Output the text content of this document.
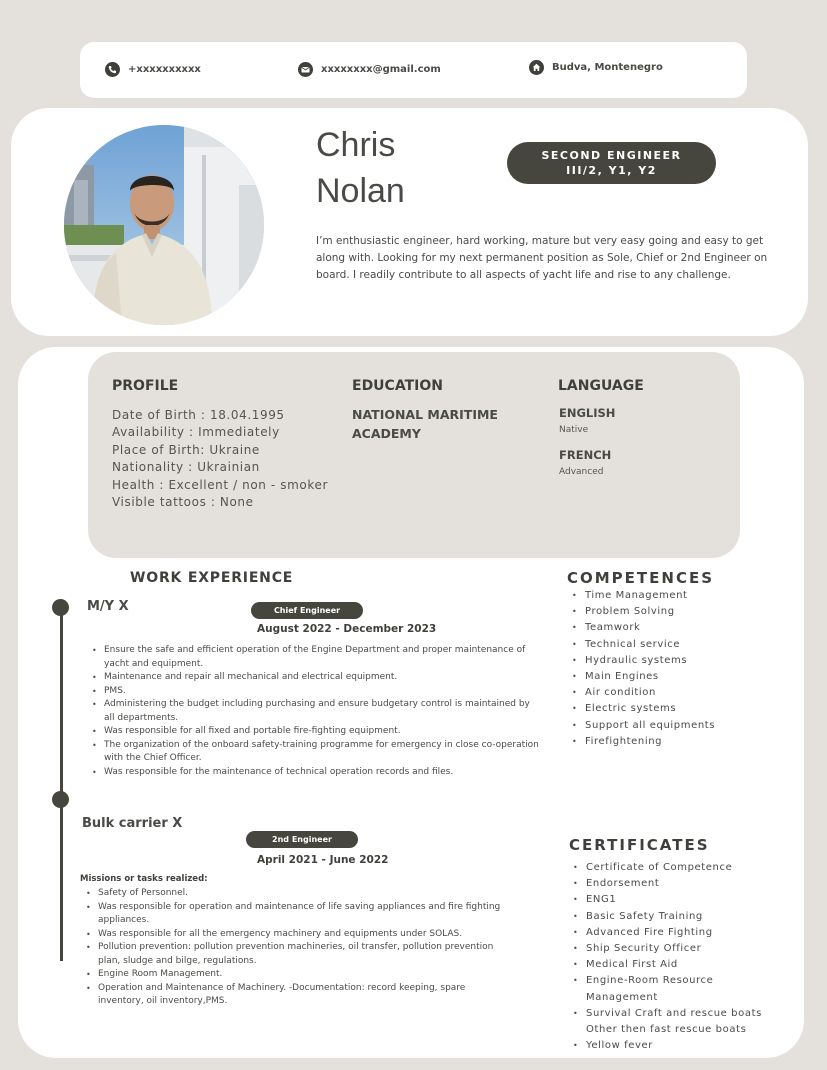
+xxxxxxxxxx	xxxxxxxx@gmail.com	Budva, Montenegro
Chris
Nolan
SECOND ENGINEER
III/2, Y1, Y2

I’m enthusiastic engineer, hard working, mature but very easy going and easy to get along with. Looking for my next permanent position as Sole, Chief or 2nd Engineer on board. I readily contribute to all aspects of yacht life and rise to any challenge.

PROFILE
Date of Birth : 18.04.1995
Availability : Immediately
Place of Birth: Ukraine
Nationality : Ukrainian
Health : Excellent / non - smoker
Visible tattoos : None
EDUCATION
NATIONAL MARITIME ACADEMY
LANGUAGE
ENGLISH
Native
FRENCH
Advanced
WORK EXPERIENCE
M/Y X	Chief Engineer
August 2022 - December 2023
• Ensure the safe and efficient operation of the Engine Department and proper maintenance of yacht and equipment.
• Maintenance and repair all mechanical and electrical equipment.
• PMS.
• Administering the budget including purchasing and ensure budgetary control is maintained by all departments.
• Was responsible for all fixed and portable fire-fighting equipment.
• The organization of the onboard safety-training programme for emergency in close co-operation with the Chief Officer.
• Was responsible for the maintenance of technical operation records and files.
Bulk carrier X
2nd Engineer
April 2021 - June 2022
Missions or tasks realized:
• Safety of Personnel.
• Was responsible for operation and maintenance of life saving appliances and fire fighting appliances.
• Was responsible for all the emergency machinery and equipments under SOLAS.
• Pollution prevention: pollution prevention machineries, oil transfer, pollution prevention plan, sludge and bilge, regulations.
• Engine Room Management.
• Operation and Maintenance of Machinery. -Documentation: record keeping, spare inventory, oil inventory,PMS.
COMPETENCES
• Time Management
• Problem Solving
• Teamwork
• Technical service
• Hydraulic systems
• Main Engines
• Air condition
• Electric systems
• Support all equipments
• Firefightening
CERTIFICATES
• Certificate of Competence
• Endorsement
• ENG1
• Basic Safety Training
• Advanced Fire Fighting
• Ship Security Officer
• Medical First Aid
• Engine-Room Resource Management
• Survival Craft and rescue boats Other then fast rescue boats
• Yellow fever
